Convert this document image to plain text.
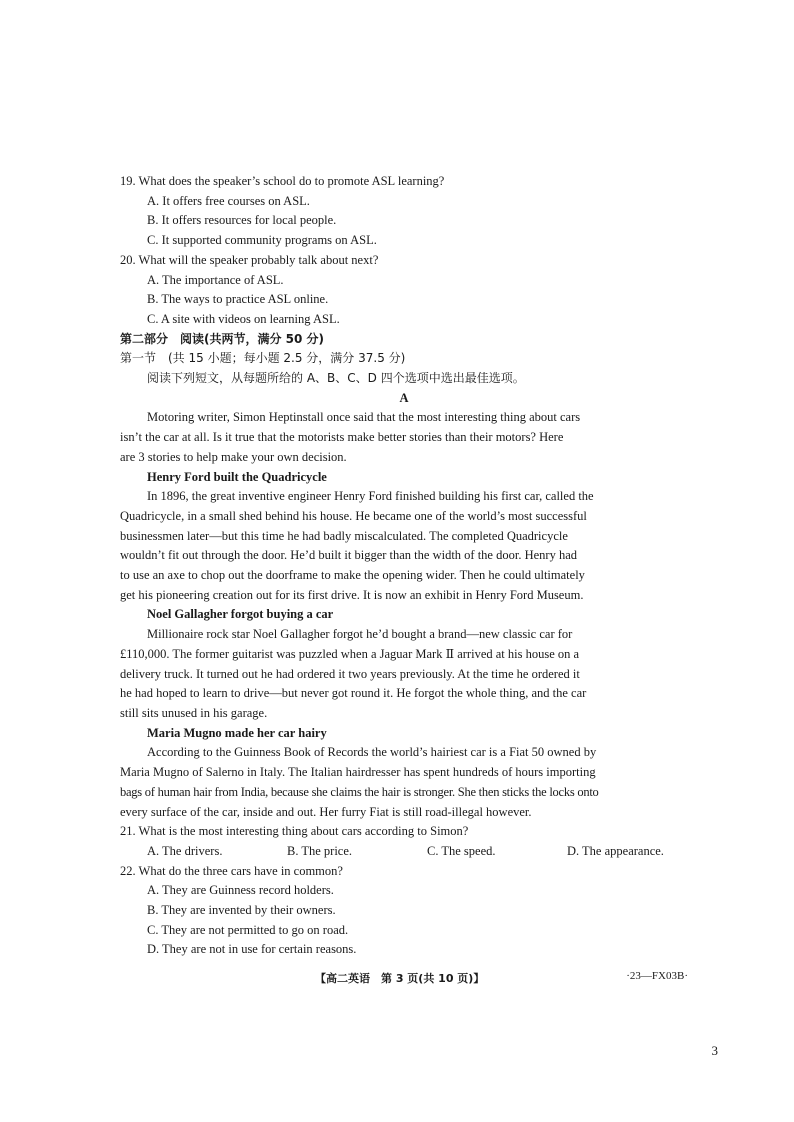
19. What does the speaker’s school do to promote ASL learning?
A. It offers free courses on ASL.
B. It offers resources for local people.
C. It supported community programs on ASL.
20. What will the speaker probably talk about next?
A. The importance of ASL.
B. The ways to practice ASL online.
C. A site with videos on learning ASL.
第二部分　阅读(共两节，满分 50 分)
第一节　(共 15 小题；每小题 2.5 分，满分 37.5 分)
阅读下列短文，从每题所给的 A、B、C、D 四个选项中选出最佳选项。
A
Motoring writer, Simon Heptinstall once said that the most interesting thing about cars
isn’t the car at all. Is it true that the motorists make better stories than their motors? Here
are 3 stories to help make your own decision.
Henry Ford built the Quadricycle
In 1896, the great inventive engineer Henry Ford finished building his first car, called the
Quadricycle, in a small shed behind his house. He became one of the world’s most successful
businessmen later—but this time he had badly miscalculated. The completed Quadricycle
wouldn’t fit out through the door. He’d built it bigger than the width of the door. Henry had
to use an axe to chop out the doorframe to make the opening wider. Then he could ultimately
get his pioneering creation out for its first drive. It is now an exhibit in Henry Ford Museum.
Noel Gallagher forgot buying a car
Millionaire rock star Noel Gallagher forgot he’d bought a brand—new classic car for
£110,000. The former guitarist was puzzled when a Jaguar Mark Ⅱ arrived at his house on a
delivery truck. It turned out he had ordered it two years previously. At the time he ordered it
he had hoped to learn to drive—but never got round it. He forgot the whole thing, and the car
still sits unused in his garage.
Maria Mugno made her car hairy
According to the Guinness Book of Records the world’s hairiest car is a Fiat 50 owned by
Maria Mugno of Salerno in Italy. The Italian hairdresser has spent hundreds of hours importing
bags of human hair from India, because she claims the hair is stronger. She then sticks the locks onto
every surface of the car, inside and out. Her furry Fiat is still road-illegal however.
21. What is the most interesting thing about cars according to Simon?
A. The drivers.	B. The price.	C. The speed.	D. The appearance.
22. What do the three cars have in common?
A. They are Guinness record holders.
B. They are invented by their owners.
C. They are not permitted to go on road.
D. They are not in use for certain reasons.
【高二英语　第 3 页(共 10 页)】	·23—FX03B·
3
